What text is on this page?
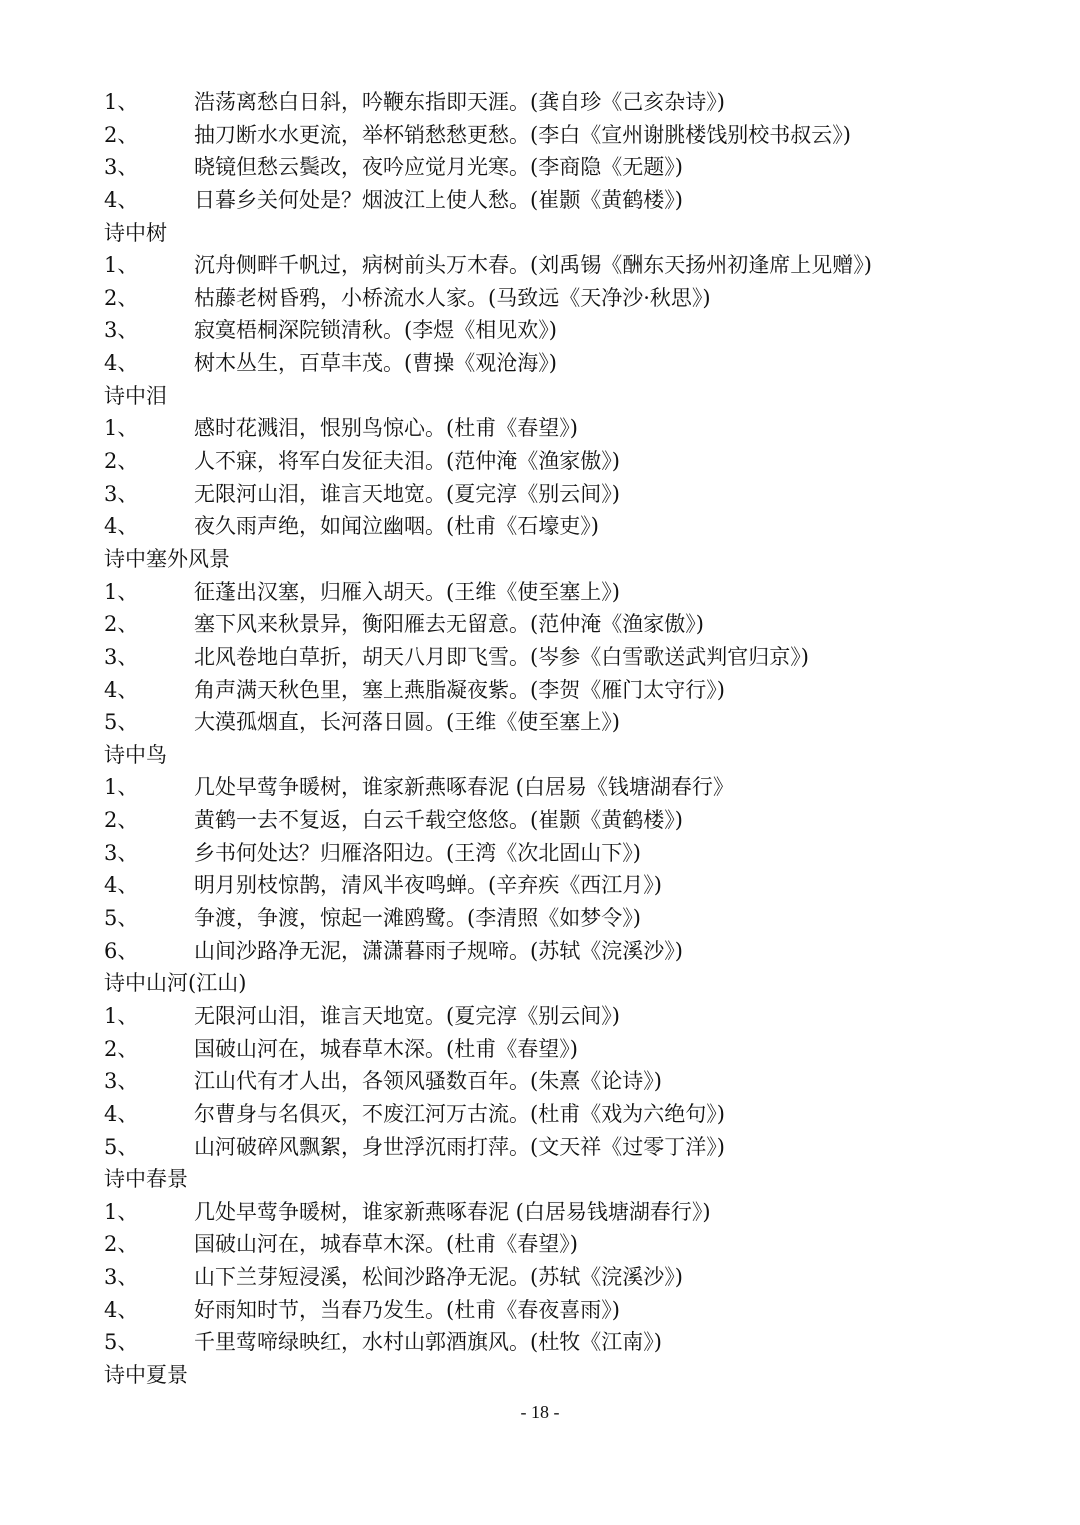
1、	浩荡离愁白日斜，吟鞭东指即天涯。(龚自珍《己亥杂诗》)
2、	抽刀断水水更流，举杯销愁愁更愁。(李白《宣州谢朓楼饯别校书叔云》)
3、	晓镜但愁云鬓改，夜吟应觉月光寒。(李商隐《无题》)
4、	日暮乡关何处是？烟波江上使人愁。(崔颢《黄鹤楼》)
诗中树
1、	沉舟侧畔千帆过，病树前头万木春。(刘禹锡《酬东天扬州初逢席上见赠》)
2、	枯藤老树昏鸦，小桥流水人家。(马致远《天净沙·秋思》)
3、	寂寞梧桐深院锁清秋。(李煜《相见欢》)
4、	树木丛生，百草丰茂。(曹操《观沧海》)
诗中泪
1、	感时花溅泪，恨别鸟惊心。(杜甫《春望》)
2、	人不寐，将军白发征夫泪。(范仲淹《渔家傲》)
3、	无限河山泪，谁言天地宽。(夏完淳《别云间》)
4、	夜久雨声绝，如闻泣幽咽。(杜甫《石壕吏》)
诗中塞外风景
1、	征蓬出汉塞，归雁入胡天。(王维《使至塞上》)
2、	塞下风来秋景异，衡阳雁去无留意。(范仲淹《渔家傲》)
3、	北风卷地白草折，胡天八月即飞雪。(岑参《白雪歌送武判官归京》)
4、	角声满天秋色里，塞上燕脂凝夜紫。(李贺《雁门太守行》)
5、	大漠孤烟直，长河落日圆。(王维《使至塞上》)
诗中鸟
1、	几处早莺争暖树，谁家新燕啄春泥 (白居易《钱塘湖春行》
2、	黄鹤一去不复返，白云千载空悠悠。(崔颢《黄鹤楼》)
3、	乡书何处达？归雁洛阳边。(王湾《次北固山下》)
4、	明月别枝惊鹊，清风半夜鸣蝉。(辛弃疾《西江月》)
5、	争渡，争渡，惊起一滩鸥鹭。(李清照《如梦令》)
6、	山间沙路净无泥，潇潇暮雨子规啼。(苏轼《浣溪沙》)
诗中山河(江山)
1、	无限河山泪，谁言天地宽。(夏完淳《别云间》)
2、	国破山河在，城春草木深。(杜甫《春望》)
3、	江山代有才人出，各领风骚数百年。(朱熹《论诗》)
4、	尔曹身与名俱灭，不废江河万古流。(杜甫《戏为六绝句》)
5、	山河破碎风飘絮，身世浮沉雨打萍。(文天祥《过零丁洋》)
诗中春景
1、	几处早莺争暖树，谁家新燕啄春泥 (白居易钱塘湖春行》)
2、	国破山河在，城春草木深。(杜甫《春望》)
3、	山下兰芽短浸溪，松间沙路净无泥。(苏轼《浣溪沙》)
4、	好雨知时节，当春乃发生。(杜甫《春夜喜雨》)
5、	千里莺啼绿映红，水村山郭酒旗风。(杜牧《江南》)
诗中夏景
- 18 -
